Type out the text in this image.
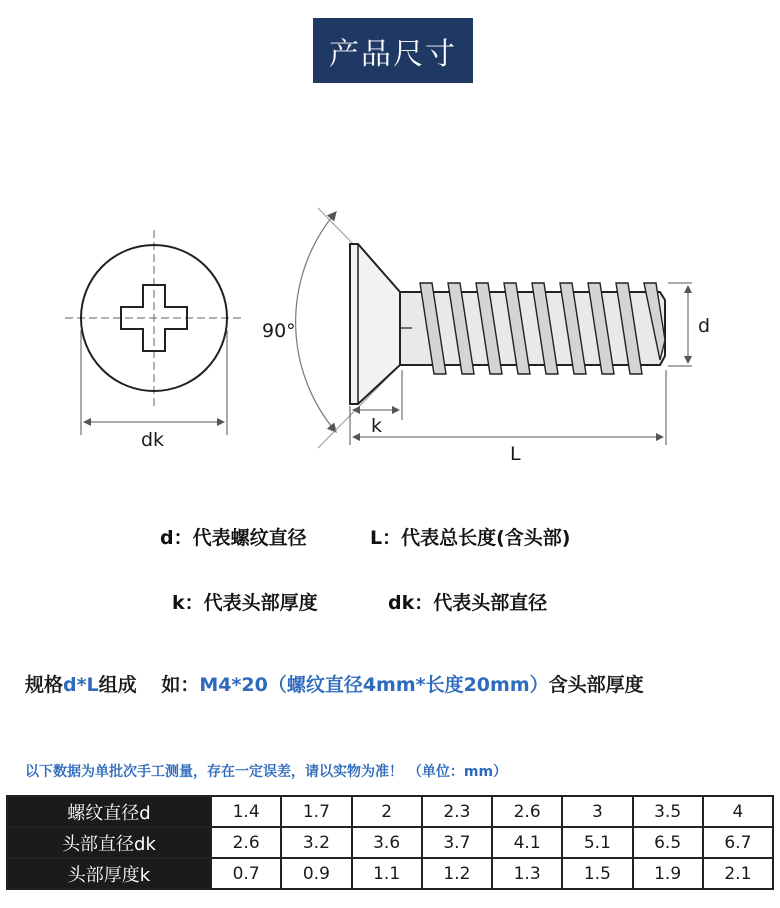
产品尺寸
dk
90°
k
L
d
d：代表螺纹直径	L：代表总长度(含头部)
k：代表头部厚度	dk：代表头部直径
规格d*L组成 如：M4*20（螺纹直径4mm*长度20mm）含头部厚度
以下数据为单批次手工测量，存在一定误差，请以实物为准！ （单位：mm）
螺纹直径d	1.4	1.7	2	2.3	2.6	3	3.5	4
头部直径dk	2.6	3.2	3.6	3.7	4.1	5.1	6.5	6.7
头部厚度k	0.7	0.9	1.1	1.2	1.3	1.5	1.9	2.1
